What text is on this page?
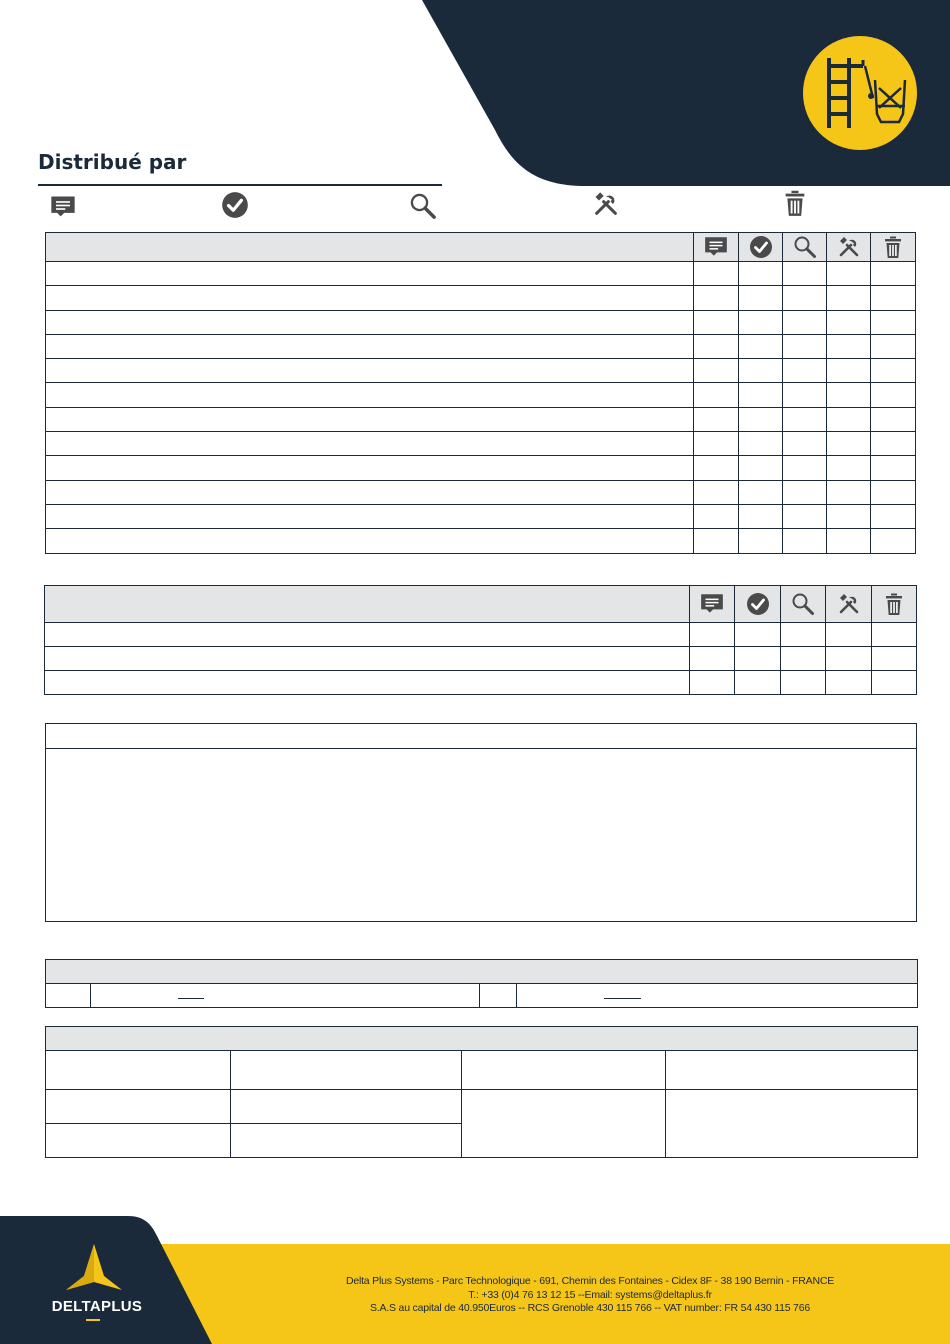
Distribué par

DELTAPLUS
Delta Plus Systems - Parc Technologique - 691, Chemin des Fontaines - Cidex 8F - 38 190 Bernin - FRANCE
T.: +33 (0)4 76 13 12 15 --Email: systems@deltaplus.fr
S.A.S au capital de 40.950Euros -- RCS Grenoble 430 115 766 -- VAT number: FR 54 430 115 766
